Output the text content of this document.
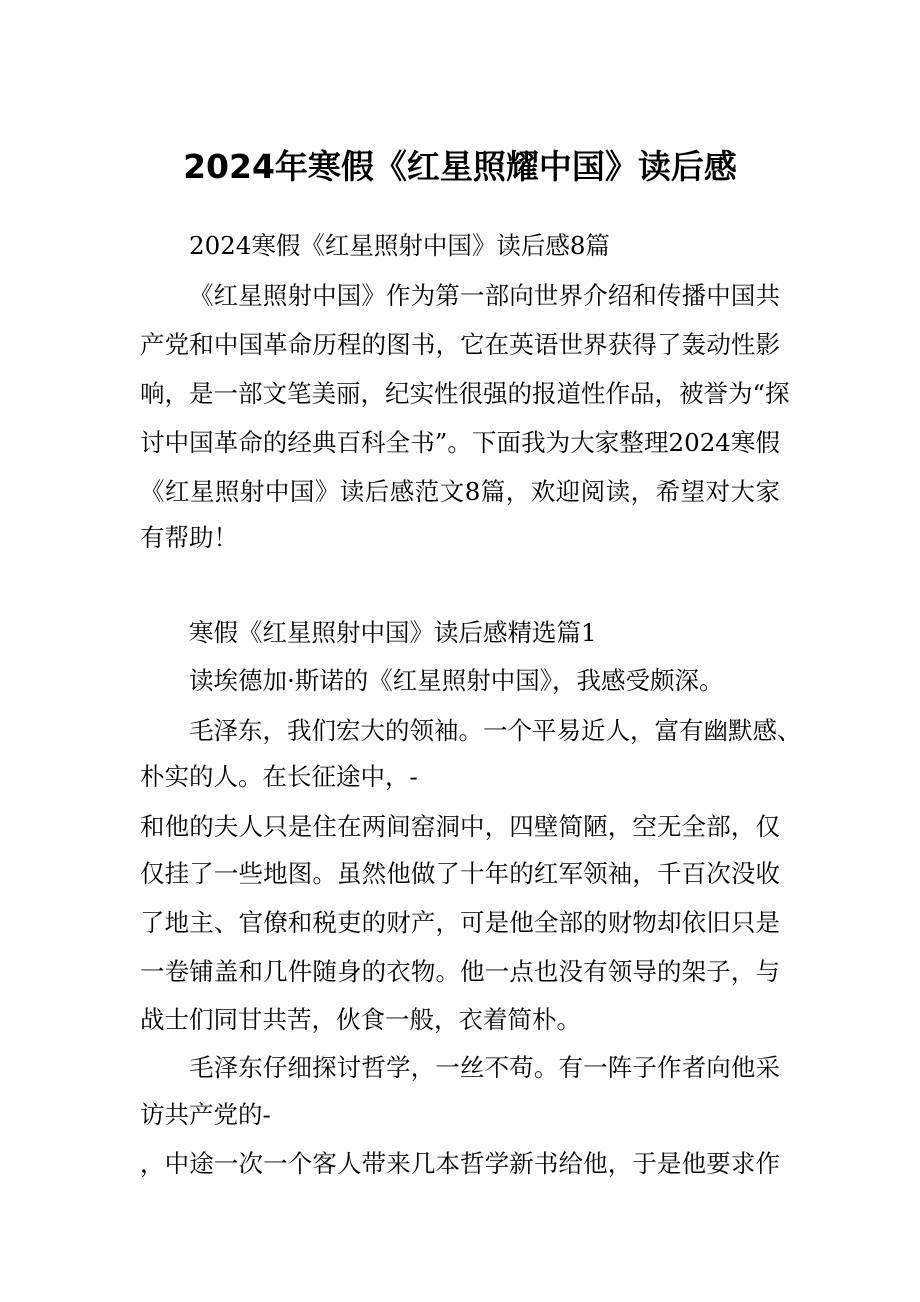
2024年寒假《红星照耀中国》读后感
2024寒假《红星照射中国》读后感8篇
《红星照射中国》作为第一部向世界介绍和传播中国共
产党和中国革命历程的图书，它在英语世界获得了轰动性影
响，是一部文笔美丽，纪实性很强的报道性作品，被誉为“探
讨中国革命的经典百科全书”。下面我为大家整理2024寒假
《红星照射中国》读后感范文8篇，欢迎阅读，希望对大家
有帮助！
寒假《红星照射中国》读后感精选篇1
读埃德加·斯诺的《红星照射中国》，我感受颇深。
毛泽东，我们宏大的领袖。一个平易近人，富有幽默感、
朴实的人。在长征途中，-
和他的夫人只是住在两间窑洞中，四壁简陋，空无全部，仅
仅挂了一些地图。虽然他做了十年的红军领袖，千百次没收
了地主、官僚和税吏的财产，可是他全部的财物却依旧只是
一卷铺盖和几件随身的衣物。他一点也没有领导的架子，与
战士们同甘共苦，伙食一般，衣着简朴。
毛泽东仔细探讨哲学，一丝不苟。有一阵子作者向他采
访共产党的-
，中途一次一个客人带来几本哲学新书给他，于是他要求作
